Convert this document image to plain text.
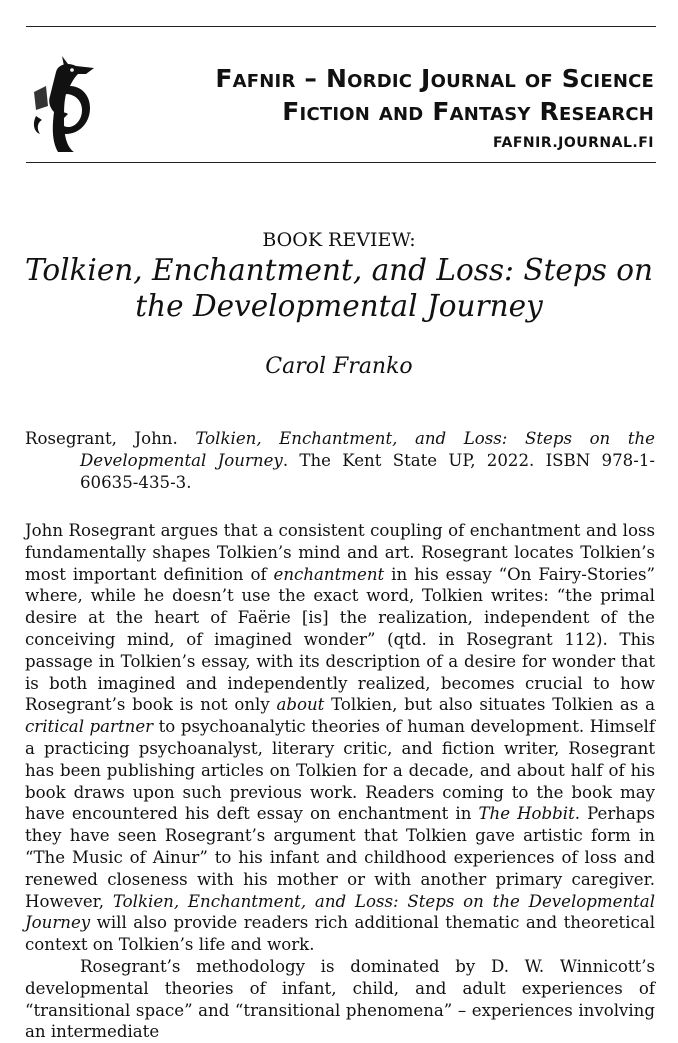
Fafnir – Nordic Journal of Science
Fiction and Fantasy Research
FAFNIR.JOURNAL.FI
BOOK REVIEW:
Tolkien, Enchantment, and Loss: Steps on the Developmental Journey
Carol Franko
Rosegrant, John. Tolkien, Enchantment, and Loss: Steps on the Developmental Journey. The Kent State UP, 2022. ISBN 978-1-60635-435-3.

John Rosegrant argues that a consistent coupling of enchantment and loss fundamentally shapes Tolkien’s mind and art. Rosegrant locates Tolkien’s most important definition of enchantment in his essay “On Fairy-Stories” where, while he doesn’t use the exact word, Tolkien writes: “the primal desire at the heart of Faërie [is] the realization, independent of the conceiving mind, of imagined wonder” (qtd. in Rosegrant 112). This passage in Tolkien’s essay, with its description of a desire for wonder that is both imagined and independently realized, becomes crucial to how Rosegrant’s book is not only about Tolkien, but also situates Tolkien as a critical partner to psychoanalytic theories of human development. Himself a practicing psychoanalyst, literary critic, and fiction writer, Rosegrant has been publishing articles on Tolkien for a decade, and about half of his book draws upon such previous work. Readers coming to the book may have encountered his deft essay on enchantment in The Hobbit. Perhaps they have seen Rosegrant’s argument that Tolkien gave artistic form in “The Music of Ainur” to his infant and childhood experiences of loss and renewed closeness with his mother or with another primary caregiver. However, Tolkien, Enchantment, and Loss: Steps on the Developmental Journey will also provide readers rich additional thematic and theoretical context on Tolkien’s life and work.

Rosegrant’s methodology is dominated by D. W. Winnicott’s developmental theories of infant, child, and adult experiences of “transitional space” and “transitional phenomena” – experiences involving an intermediate
